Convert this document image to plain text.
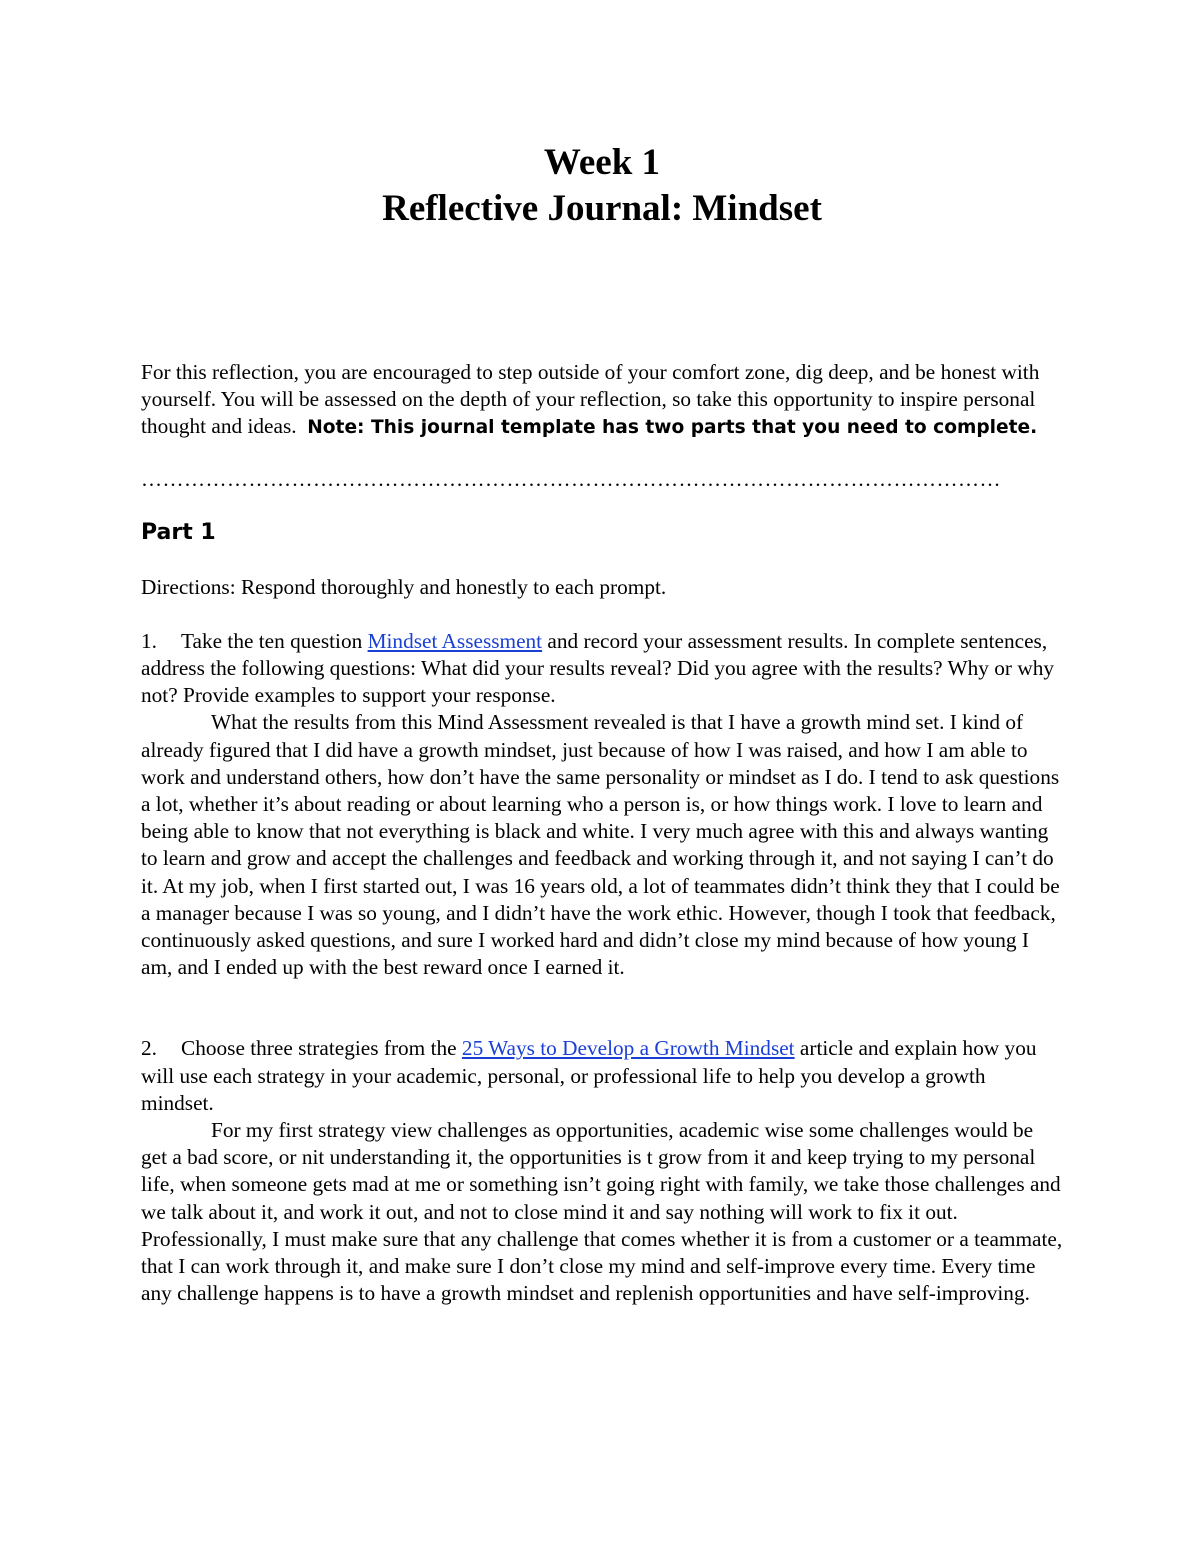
Week 1
Reflective Journal: Mindset

For this reflection, you are encouraged to step outside of your comfort zone, dig deep, and be honest with yourself. You will be assessed on the depth of your reflection, so take this opportunity to inspire personal thought and ideas. Note: This journal template has two parts that you need to complete.

…………………………………………………………………………………………………………
Part 1

Directions: Respond thoroughly and honestly to each prompt.

1. Take the ten question Mindset Assessment and record your assessment results. In complete sentences, address the following questions: What did your results reveal? Did you agree with the results? Why or why not? Provide examples to support your response.

What the results from this Mind Assessment revealed is that I have a growth mind set. I kind of already figured that I did have a growth mindset, just because of how I was raised, and how I am able to work and understand others, how don’t have the same personality or mindset as I do. I tend to ask questions a lot, whether it’s about reading or about learning who a person is, or how things work. I love to learn and being able to know that not everything is black and white. I very much agree with this and always wanting to learn and grow and accept the challenges and feedback and working through it, and not saying I can’t do it. At my job, when I first started out, I was 16 years old, a lot of teammates didn’t think they that I could be a manager because I was so young, and I didn’t have the work ethic. However, though I took that feedback, continuously asked questions, and sure I worked hard and didn’t close my mind because of how young I am, and I ended up with the best reward once I earned it.

2. Choose three strategies from the 25 Ways to Develop a Growth Mindset article and explain how you will use each strategy in your academic, personal, or professional life to help you develop a growth mindset.

For my first strategy view challenges as opportunities, academic wise some challenges would be get a bad score, or nit understanding it, the opportunities is t grow from it and keep trying to my personal life, when someone gets mad at me or something isn’t going right with family, we take those challenges and we talk about it, and work it out, and not to close mind it and say nothing will work to fix it out. Professionally, I must make sure that any challenge that comes whether it is from a customer or a teammate, that I can work through it, and make sure I don’t close my mind and self-improve every time. Every time any challenge happens is to have a growth mindset and replenish opportunities and have self-improving.
